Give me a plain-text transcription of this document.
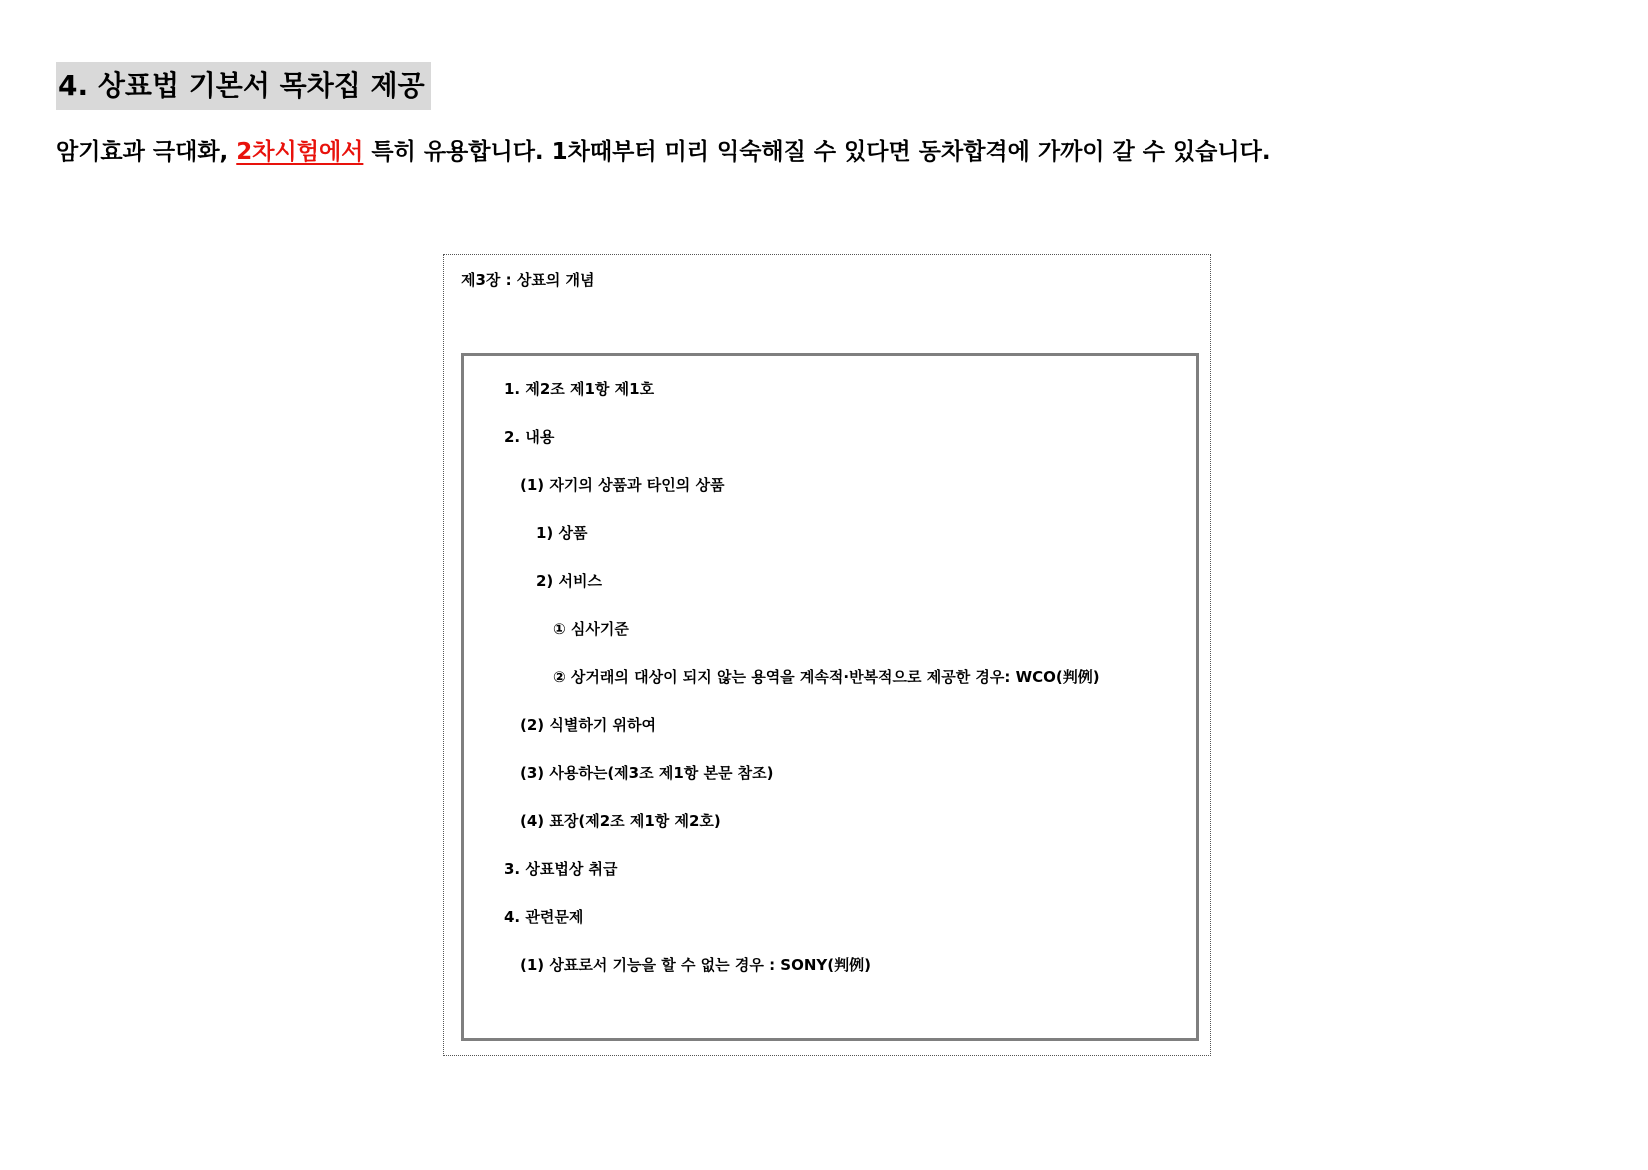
4. 상표법 기본서 목차집 제공
암기효과 극대화, 2차시험에서 특히 유용합니다. 1차때부터 미리 익숙해질 수 있다면 동차합격에 가까이 갈 수 있습니다.
제3장 : 상표의 개념
1. 제2조 제1항 제1호
2. 내용
(1) 자기의 상품과 타인의 상품
1) 상품
2) 서비스
① 심사기준
② 상거래의 대상이 되지 않는 용역을 계속적·반복적으로 제공한 경우: WCO(判例)
(2) 식별하기 위하여
(3) 사용하는(제3조 제1항 본문 참조)
(4) 표장(제2조 제1항 제2호)
3. 상표법상 취급
4. 관련문제
(1) 상표로서 기능을 할 수 없는 경우 : SONY(判例)
